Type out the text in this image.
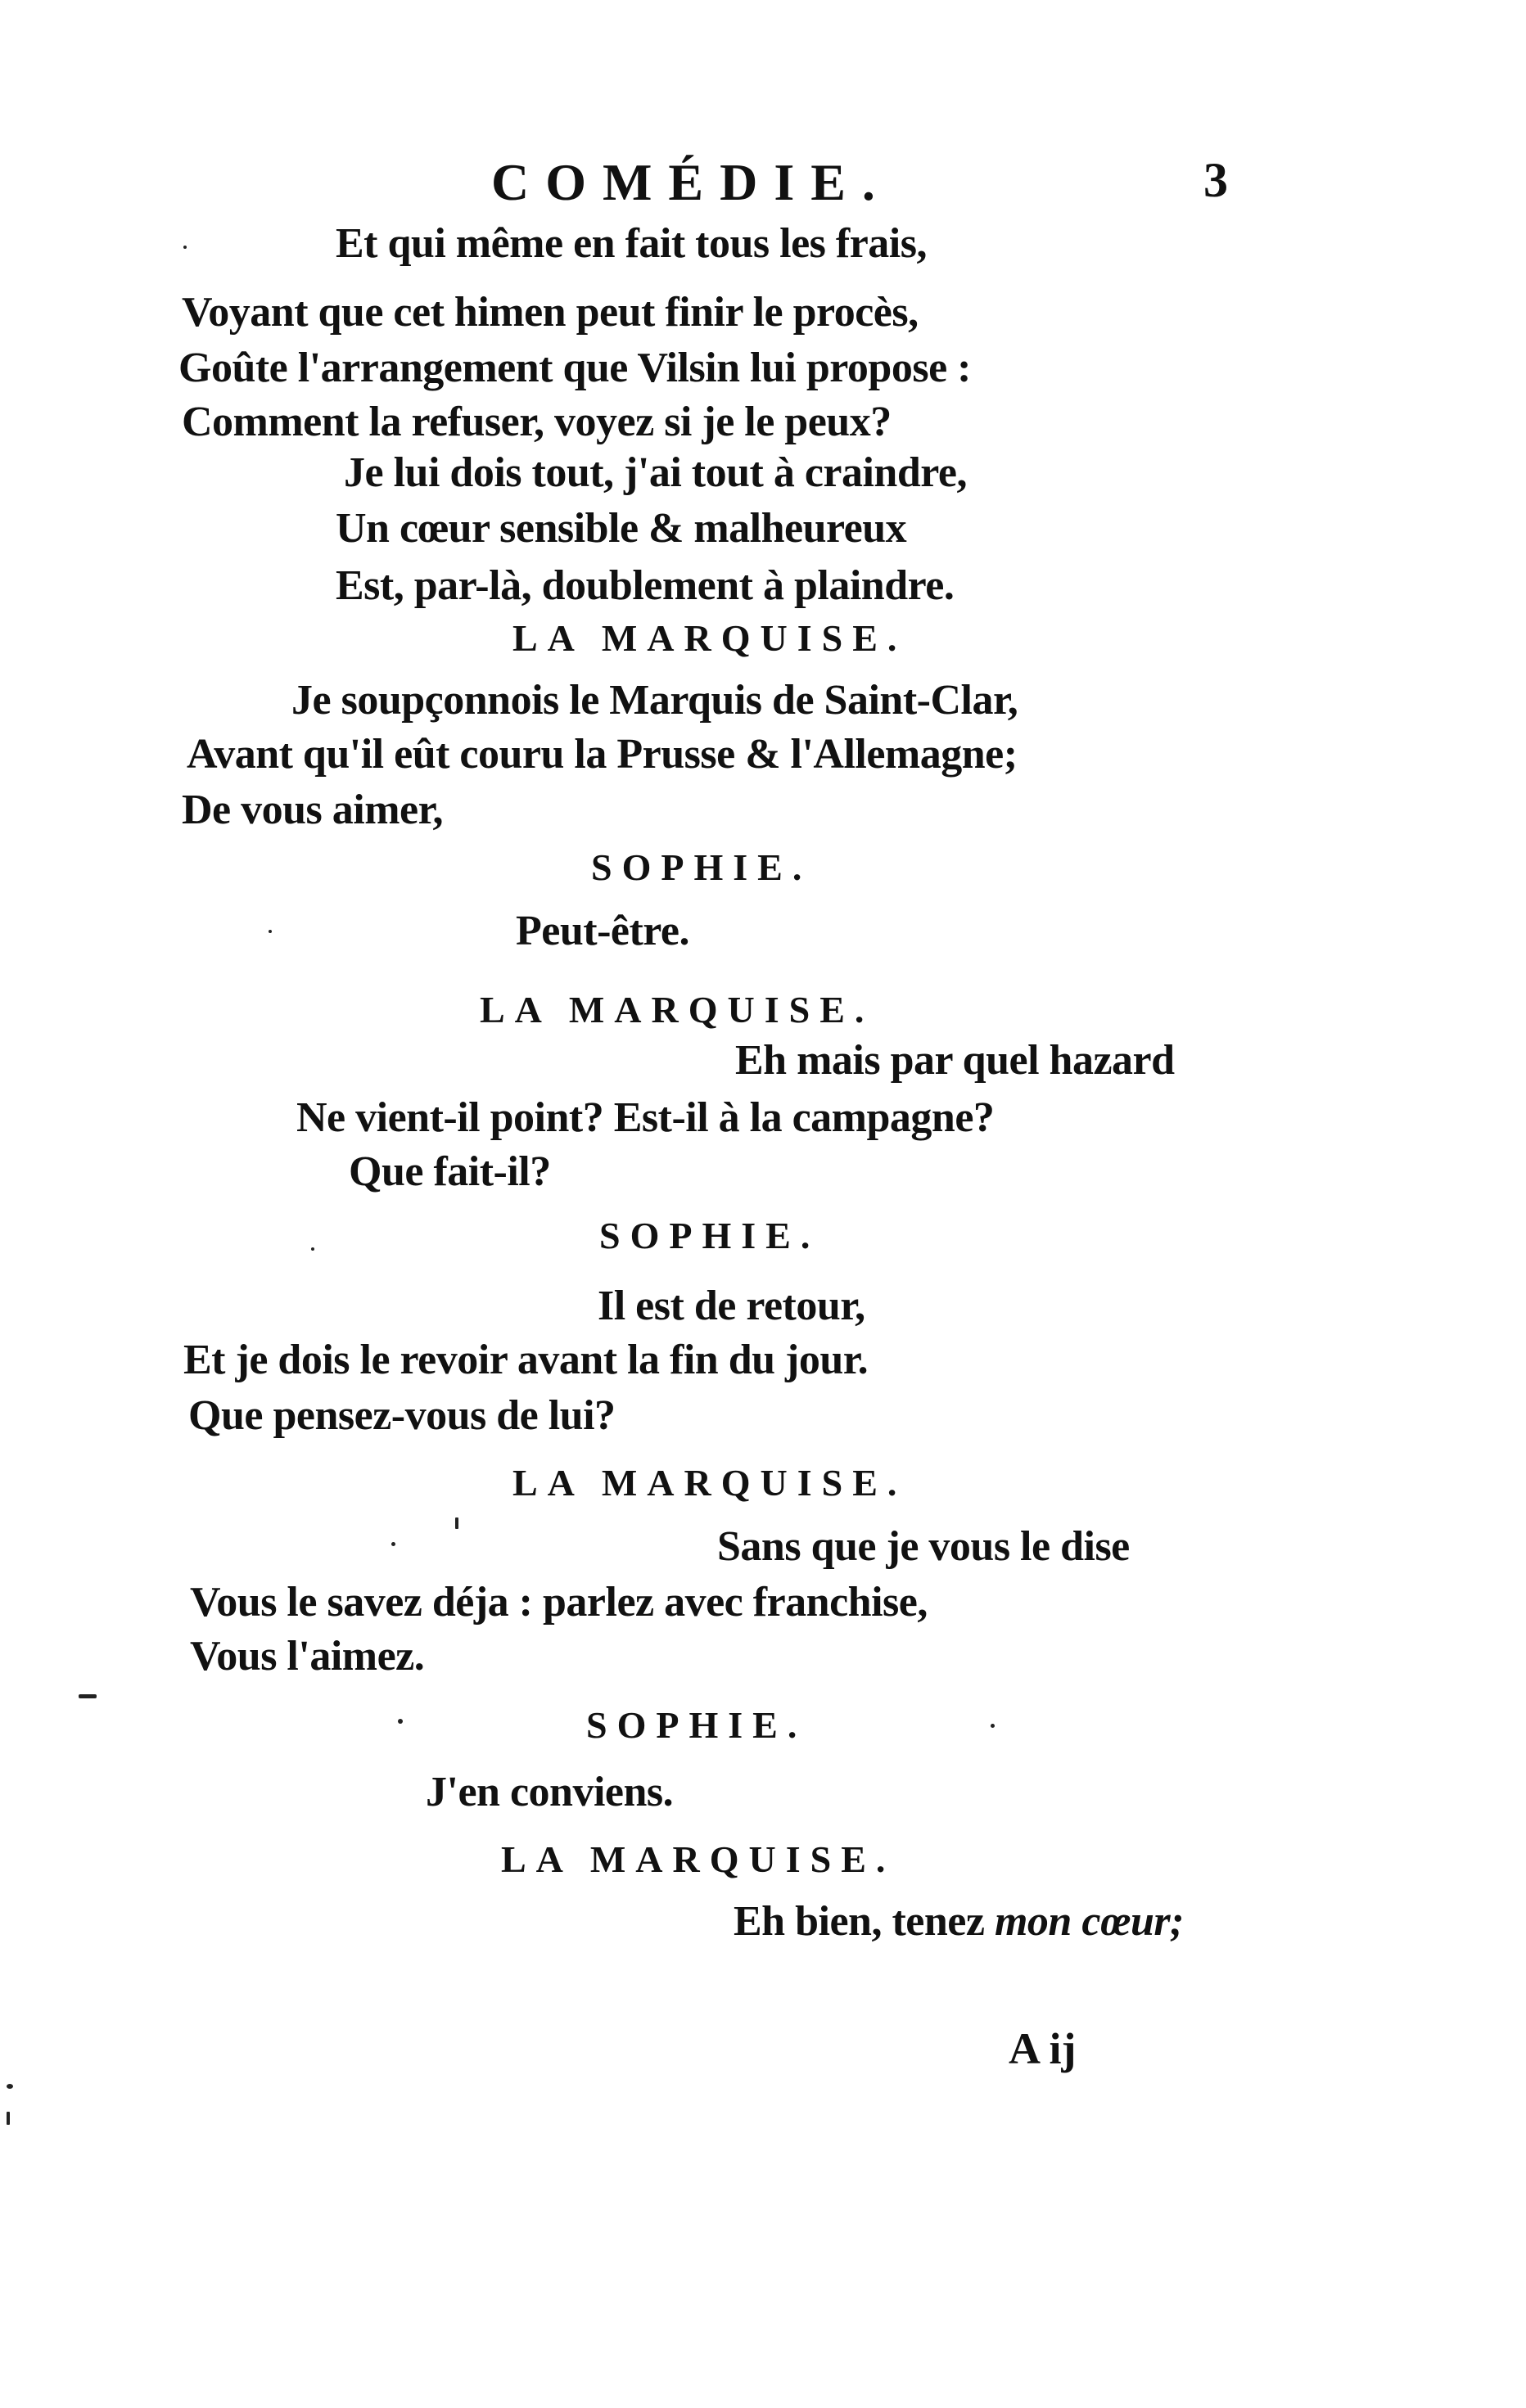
COMÉDIE.	3
Et qui même en fait tous les frais,
Voyant que cet himen peut finir le procès,
Goûte l'arrangement que Vilsin lui propose :
Comment la refuser, voyez si je le peux?
Je lui dois tout, j'ai tout à craindre,
Un cœur sensible & malheureux
Est, par-là, doublement à plaindre.
LA MARQUISE.
Je soupçonnois le Marquis de Saint-Clar,
Avant qu'il eût couru la Prusse & l'Allemagne;
De vous aimer,
SOPHIE.
Peut-être.
LA MARQUISE.
Eh mais par quel hazard
Ne vient-il point? Est-il à la campagne?
Que fait-il?
SOPHIE.
Il est de retour,
Et je dois le revoir avant la fin du jour.
Que pensez-vous de lui?
LA MARQUISE.
Sans que je vous le dise
Vous le savez déja : parlez avec franchise,
Vous l'aimez.
SOPHIE.
J'en conviens.
LA MARQUISE.
Eh bien, tenez mon cœur;
A ij
